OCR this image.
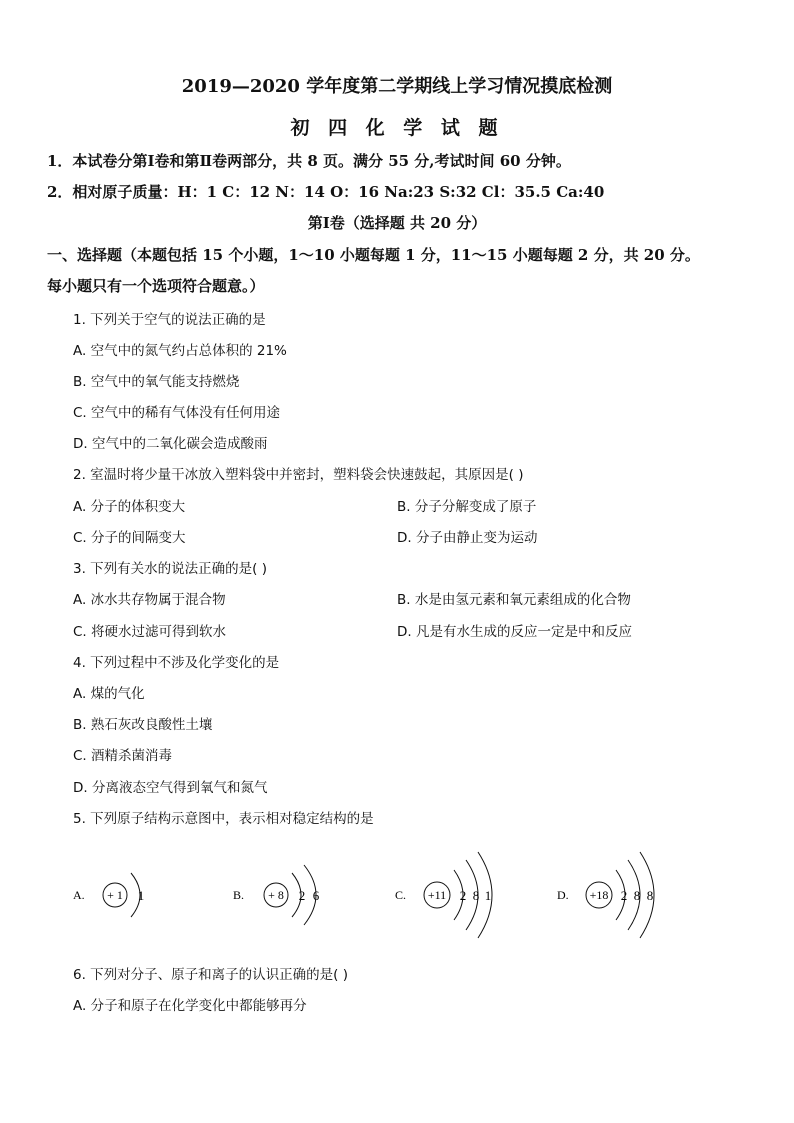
2019—2020 学年度第二学期线上学习情况摸底检测
初 四 化 学 试 题
1．本试卷分第Ⅰ卷和第Ⅱ卷两部分，共 8 页。满分 55 分,考试时间 60 分钟。
2．相对原子质量：H：1 C：12 N：14 O：16 Na:23 S:32 Cl：35.5 Ca:40
第Ⅰ卷（选择题 共 20 分）
一、选择题（本题包括 15 个小题，1～10 小题每题 1 分，11～15 小题每题 2 分，共 20 分。
每小题只有一个选项符合题意。）
1. 下列关于空气的说法正确的是
A. 空气中的氮气约占总体积的 21%
B. 空气中的氧气能支持燃烧
C. 空气中的稀有气体没有任何用途
D. 空气中的二氧化碳会造成酸雨
2. 室温时将少量干冰放入塑料袋中并密封，塑料袋会快速鼓起，其原因是( )
A. 分子的体积变大	B. 分子分解变成了原子
C. 分子的间隔变大	D. 分子由静止变为运动
3. 下列有关水的说法正确的是( )
A. 冰水共存物属于混合物	B. 水是由氢元素和氧元素组成的化合物
C. 将硬水过滤可得到软水	D. 凡是有水生成的反应一定是中和反应
4. 下列过程中不涉及化学变化的是
A. 煤的气化
B. 熟石灰改良酸性土壤
C. 酒精杀菌消毒
D. 分离液态空气得到氧气和氮气
5. 下列原子结构示意图中，表示相对稳定结构的是
A. + 1 1	B. + 8 2 6	C. +11 2 8 1	D. +18 2 8 8
6. 下列对分子、原子和离子的认识正确的是( )
A. 分子和原子在化学变化中都能够再分
